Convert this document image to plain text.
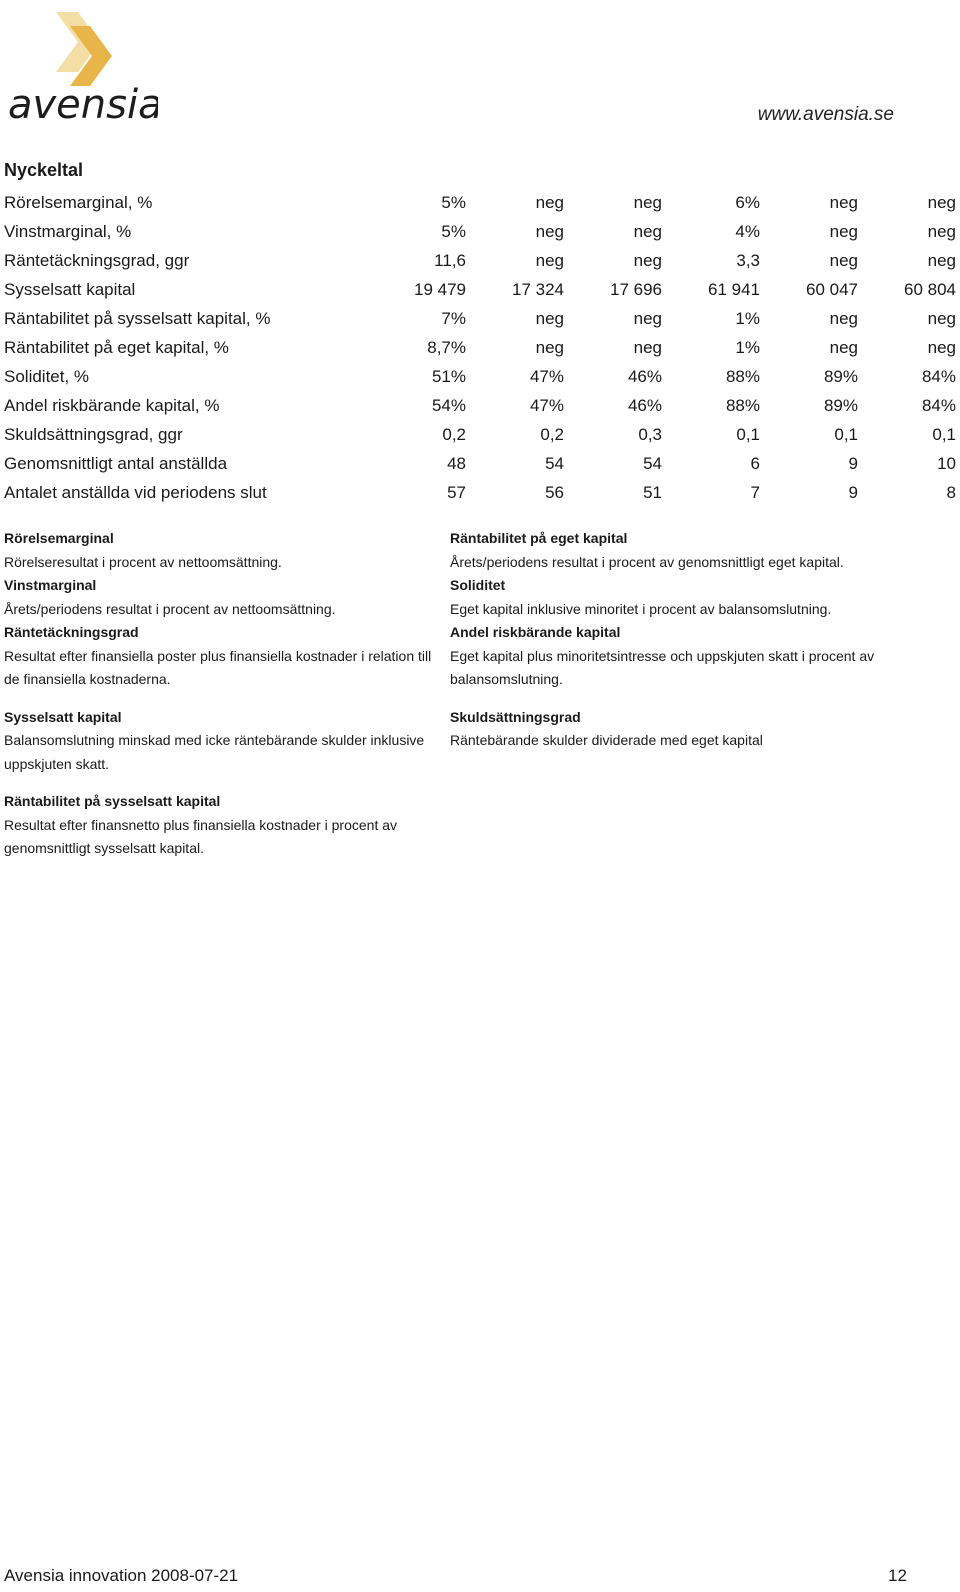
avensia	www.avensia.se
Nyckeltal
Rörelsemarginal, %	5%	neg	neg	6%	neg	neg
Vinstmarginal, %	5%	neg	neg	4%	neg	neg
Räntetäckningsgrad, ggr	11,6	neg	neg	3,3	neg	neg
Sysselsatt kapital	19 479	17 324	17 696	61 941	60 047	60 804
Räntabilitet på sysselsatt kapital, %	7%	neg	neg	1%	neg	neg
Räntabilitet på eget kapital, %	8,7%	neg	neg	1%	neg	neg
Soliditet, %	51%	47%	46%	88%	89%	84%
Andel riskbärande kapital, %	54%	47%	46%	88%	89%	84%
Skuldsättningsgrad, ggr	0,2	0,2	0,3	0,1	0,1	0,1
Genomsnittligt antal anställda	48	54	54	6	9	10
Antalet anställda vid periodens slut	57	56	51	7	9	8
Rörelsemarginal
Rörelseresultat i procent av nettoomsättning.
Vinstmarginal
Årets/periodens resultat i procent av nettoomsättning.
Räntetäckningsgrad
Resultat efter finansiella poster plus finansiella kostnader i relation till de finansiella kostnaderna.
Sysselsatt kapital
Balansomslutning minskad med icke räntebärande skulder inklusive uppskjuten skatt.
Räntabilitet på sysselsatt kapital
Resultat efter finansnetto plus finansiella kostnader i procent av genomsnittligt sysselsatt kapital.
Räntabilitet på eget kapital
Årets/periodens resultat i procent av genomsnittligt eget kapital.
Soliditet
Eget kapital inklusive minoritet i procent av balansomslutning.
Andel riskbärande kapital
Eget kapital plus minoritetsintresse och uppskjuten skatt i procent av balansomslutning.
Skuldsättningsgrad
Räntebärande skulder dividerade med eget kapital
Avensia innovation 2008-07-21	12
